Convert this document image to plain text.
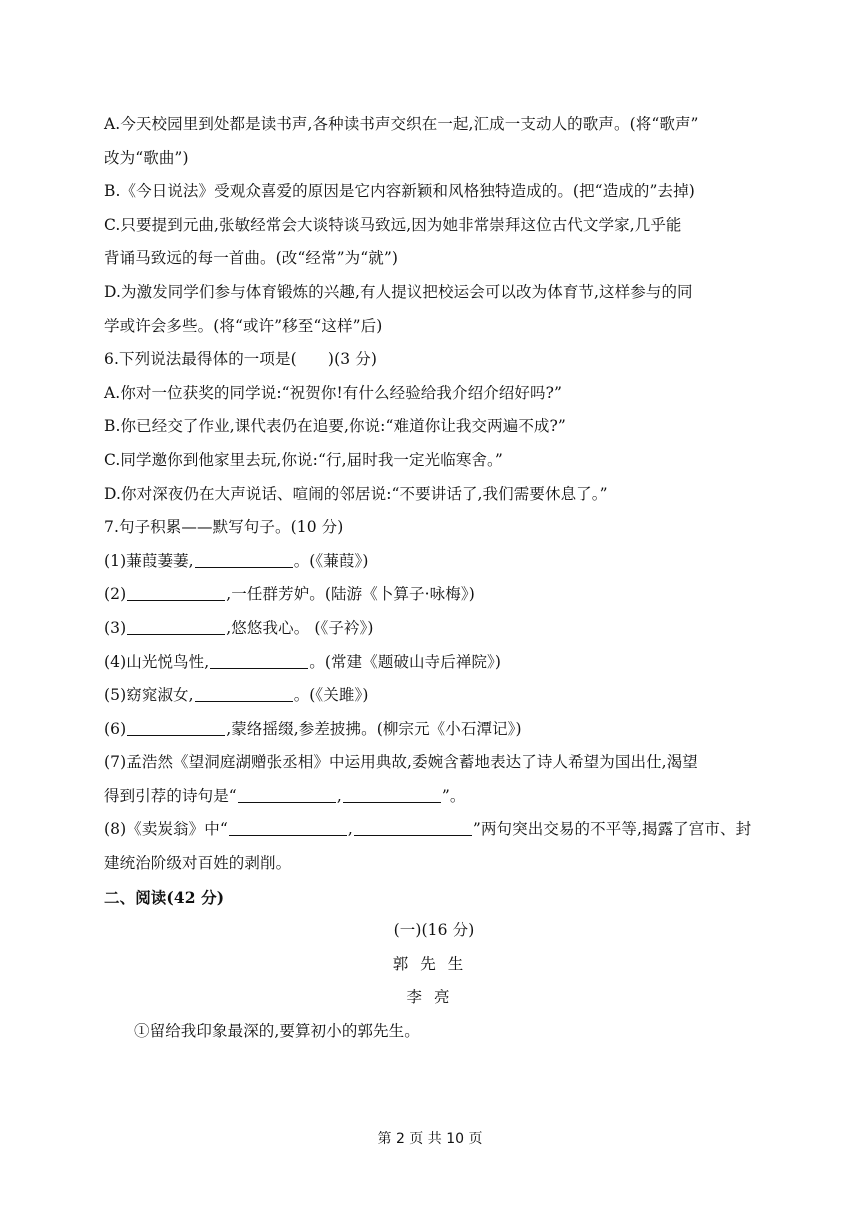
A.今天校园里到处都是读书声,各种读书声交织在一起,汇成一支动人的歌声。(将“歌声”
改为“歌曲”)
B.《今日说法》受观众喜爱的原因是它内容新颖和风格独特造成的。(把“造成的”去掉)
C.只要提到元曲,张敏经常会大谈特谈马致远,因为她非常崇拜这位古代文学家,几乎能
背诵马致远的每一首曲。(改“经常”为“就”)
D.为激发同学们参与体育锻炼的兴趣,有人提议把校运会可以改为体育节,这样参与的同
学或许会多些。(将“或许”移至“这样”后)
6.下列说法最得体的一项是(　　)(3 分)
A.你对一位获奖的同学说:“祝贺你!有什么经验给我介绍介绍好吗?”
B.你已经交了作业,课代表仍在追要,你说:“难道你让我交两遍不成?”
C.同学邀你到他家里去玩,你说:“行,届时我一定光临寒舍。”
D.你对深夜仍在大声说话、喧闹的邻居说:“不要讲话了,我们需要休息了。”
7.句子积累——默写句子。(10 分)
(1)蒹葭萋萋,	。(《蒹葭》)
(2)	,一任群芳妒。(陆游《卜算子·咏梅》)
(3)	,悠悠我心。 (《子衿》)
(4)山光悦鸟性,	。(常建《题破山寺后禅院》)
(5)窈窕淑女,	。(《关雎》)
(6)	,蒙络摇缀,参差披拂。(柳宗元《小石潭记》)
(7)孟浩然《望洞庭湖赠张丞相》中运用典故,委婉含蓄地表达了诗人希望为国出仕,渴望
得到引荐的诗句是“	,	”。
(8)《卖炭翁》中“	,	”两句突出交易的不平等,揭露了宫市、封
建统治阶级对百姓的剥削。
二、阅读(42 分)
(一)(16 分)
郭先生
李亮
①留给我印象最深的,要算初小的郭先生。
第 2 页 共 10 页
